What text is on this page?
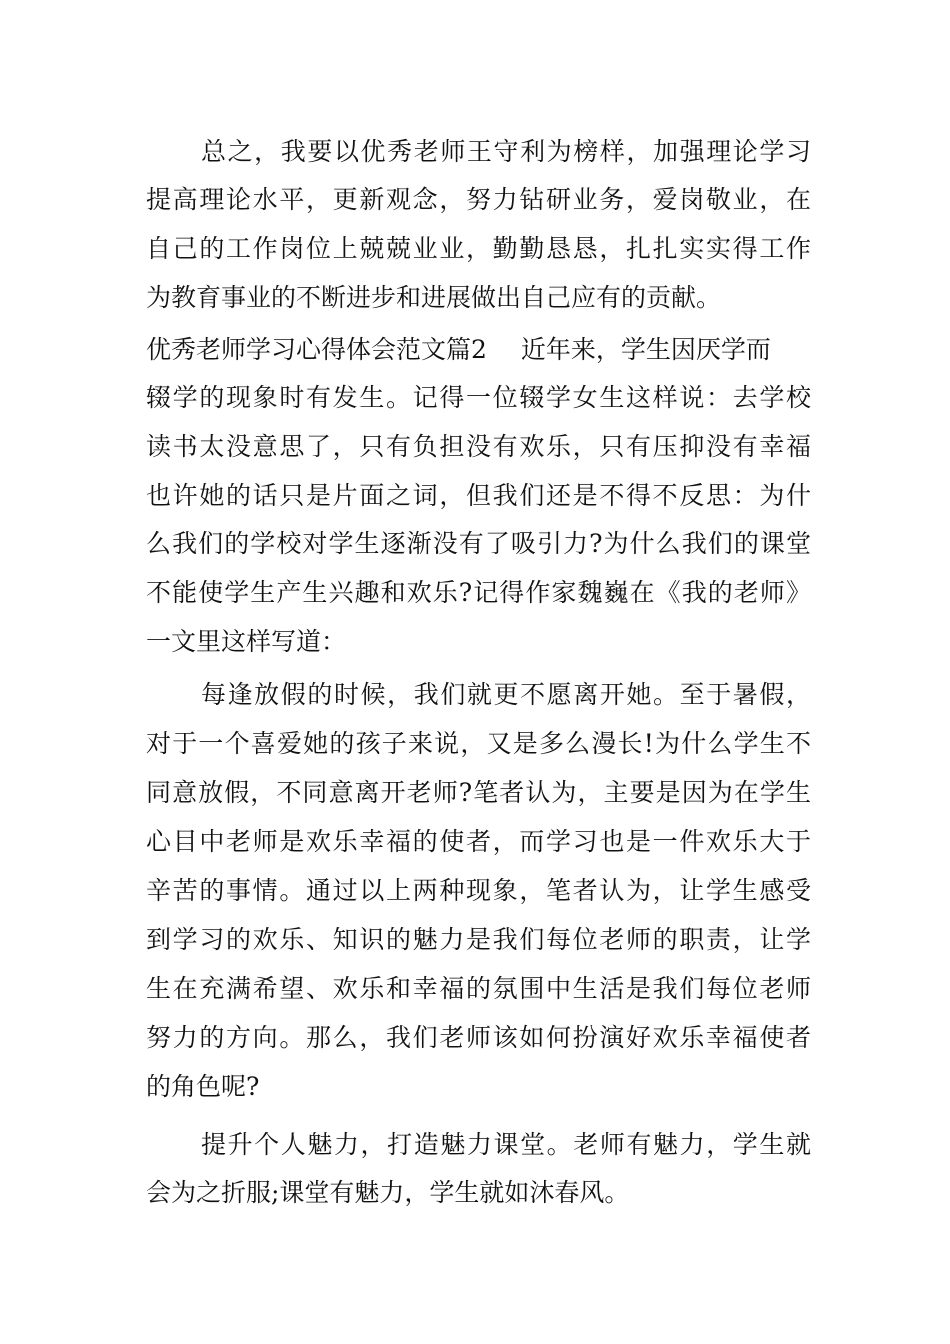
总之，我要以优秀老师王守利为榜样，加强理论学习
提高理论水平，更新观念，努力钻研业务，爱岗敬业，在
自己的工作岗位上兢兢业业，勤勤恳恳，扎扎实实得工作
为教育事业的不断进步和进展做出自己应有的贡献。
优秀老师学习心得体会范文篇2 近年来，学生因厌学而
辍学的现象时有发生。记得一位辍学女生这样说：去学校
读书太没意思了，只有负担没有欢乐，只有压抑没有幸福
也许她的话只是片面之词，但我们还是不得不反思：为什
么我们的学校对学生逐渐没有了吸引力?为什么我们的课堂
不能使学生产生兴趣和欢乐?记得作家魏巍在《我的老师》
一文里这样写道：
每逢放假的时候，我们就更不愿离开她。至于暑假，
对于一个喜爱她的孩子来说，又是多么漫长!为什么学生不
同意放假，不同意离开老师?笔者认为，主要是因为在学生
心目中老师是欢乐幸福的使者，而学习也是一件欢乐大于
辛苦的事情。通过以上两种现象，笔者认为，让学生感受
到学习的欢乐、知识的魅力是我们每位老师的职责，让学
生在充满希望、欢乐和幸福的氛围中生活是我们每位老师
努力的方向。那么，我们老师该如何扮演好欢乐幸福使者
的角色呢?
提升个人魅力，打造魅力课堂。老师有魅力，学生就
会为之折服;课堂有魅力，学生就如沐春风。
